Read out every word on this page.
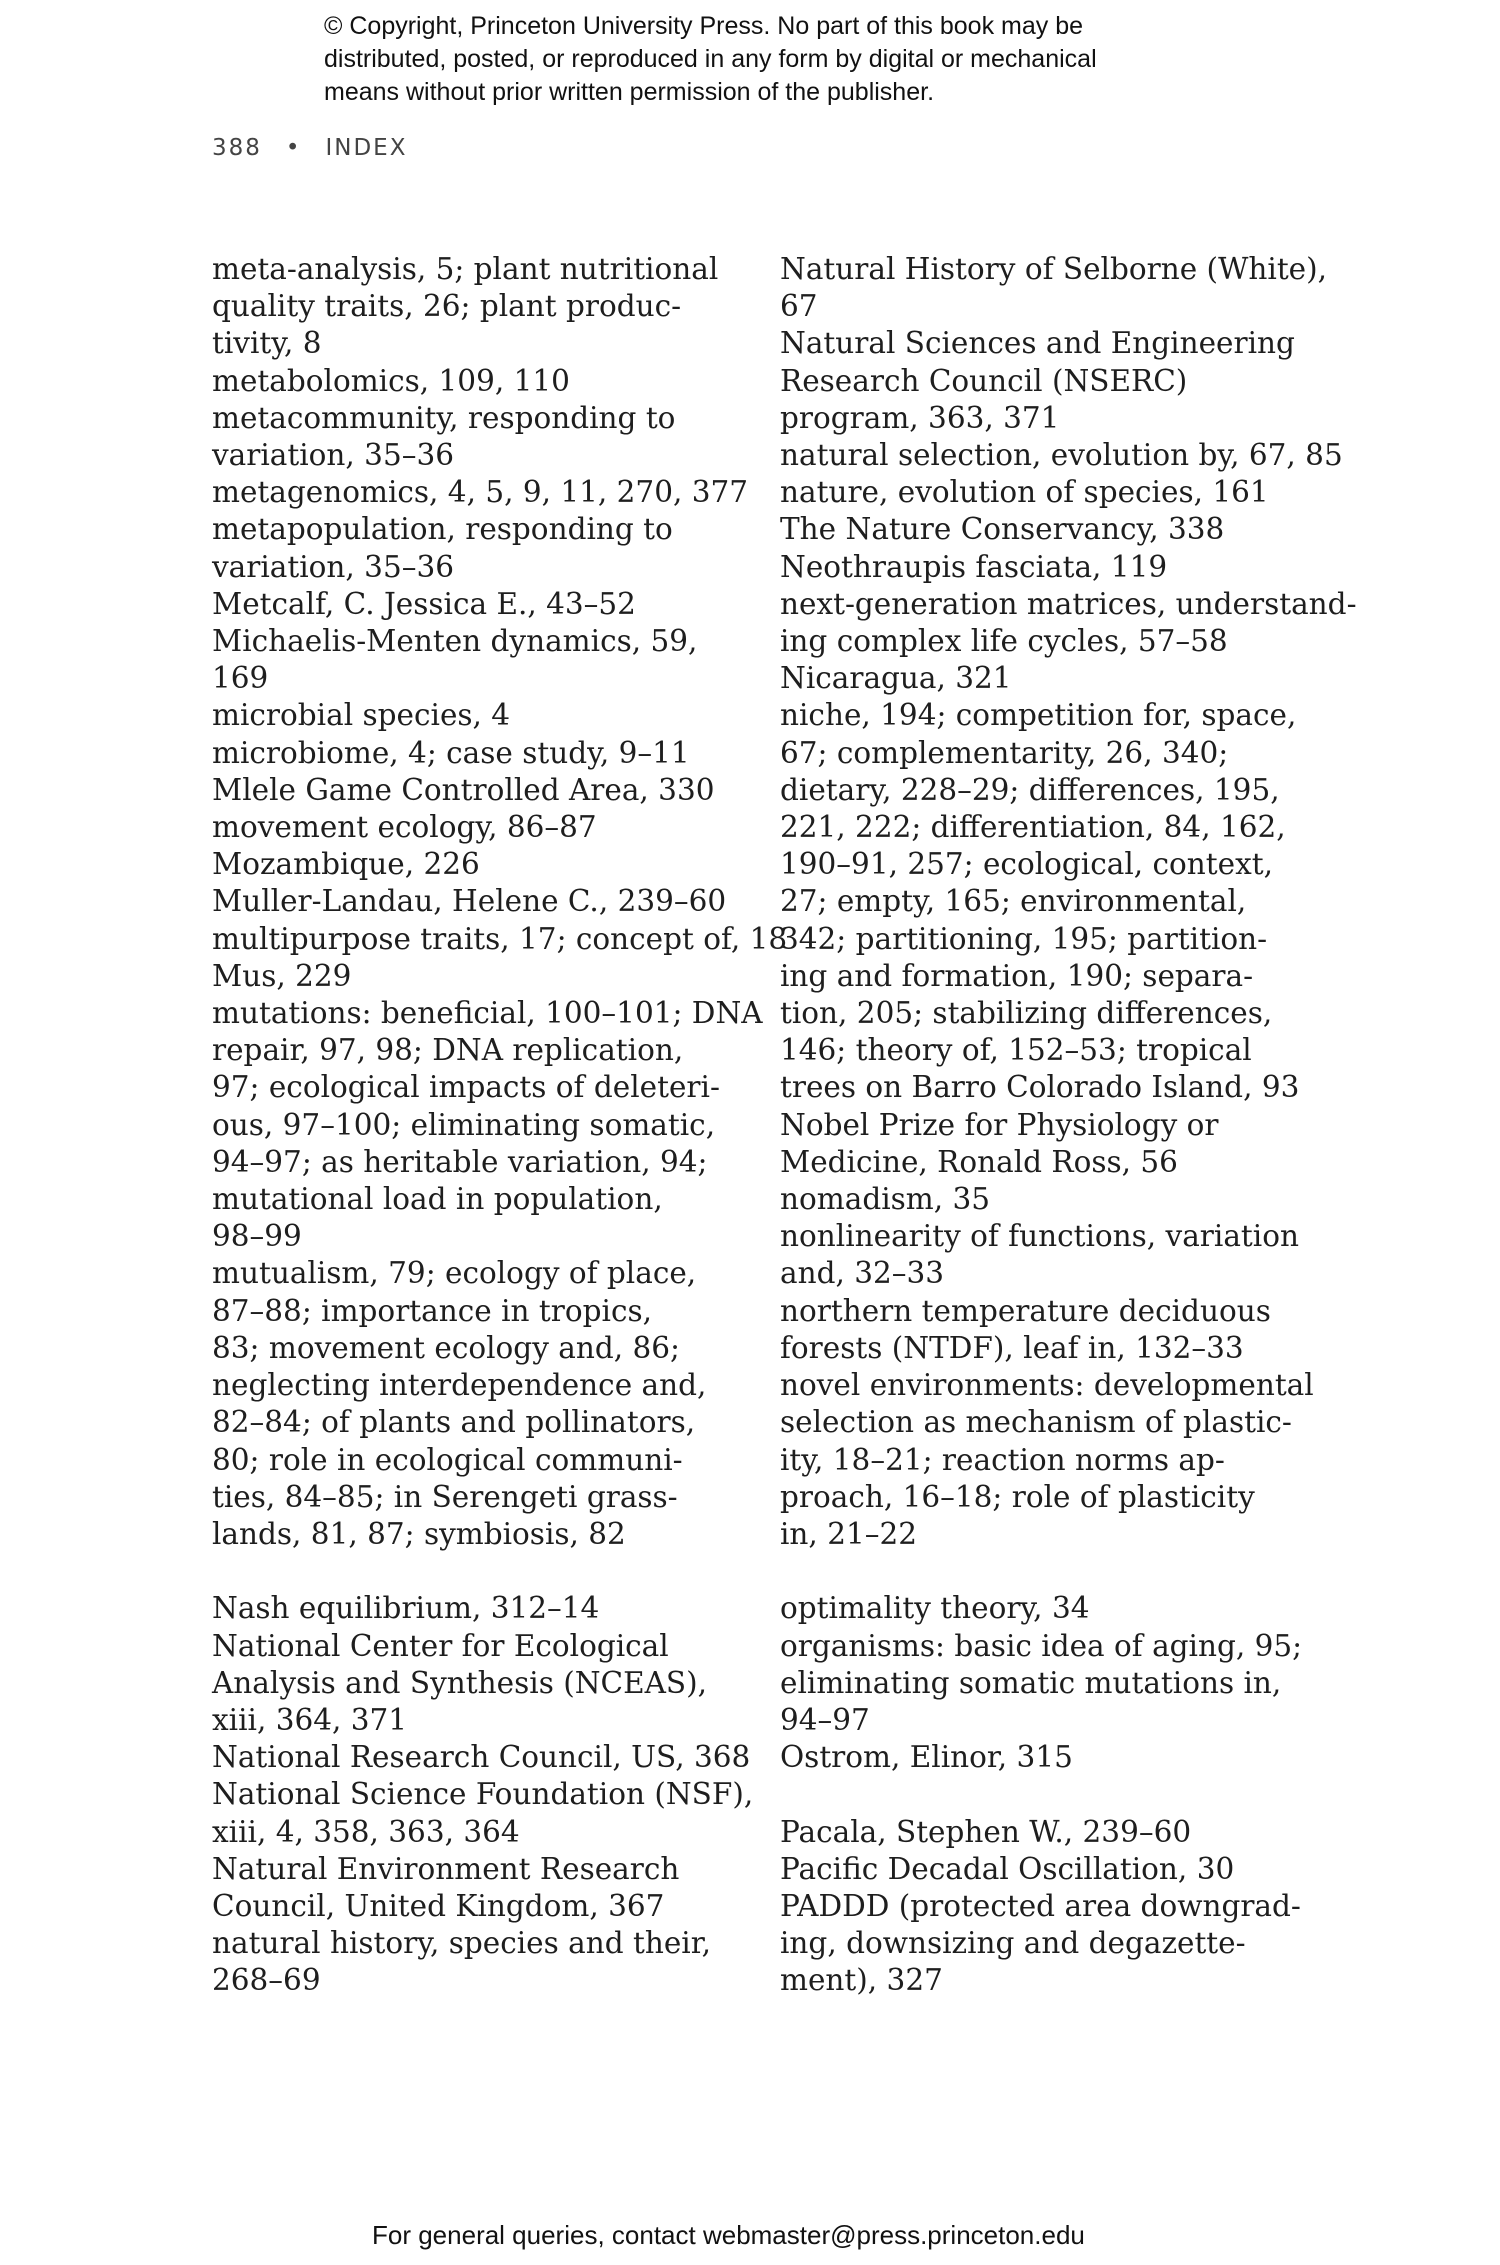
© Copyright, Princeton University Press. No part of this book may be
distributed, posted, or reproduced in any form by digital or mechanical
means without prior written permission of the publisher.
388 • INDEX
meta-analysis, 5; plant nutritional
quality traits, 26; plant produc-
tivity, 8
metabolomics, 109, 110
metacommunity, responding to
variation, 35–36
metagenomics, 4, 5, 9, 11, 270, 377
metapopulation, responding to
variation, 35–36
Metcalf, C. Jessica E., 43–52
Michaelis-Menten dynamics, 59,
169
microbial species, 4
microbiome, 4; case study, 9–11
Mlele Game Controlled Area, 330
movement ecology, 86–87
Mozambique, 226
Muller-Landau, Helene C., 239–60
multipurpose traits, 17; concept of, 18
Mus, 229
mutations: beneficial, 100–101; DNA
repair, 97, 98; DNA replication,
97; ecological impacts of deleteri-
ous, 97–100; eliminating somatic,
94–97; as heritable variation, 94;
mutational load in population,
98–99
mutualism, 79; ecology of place,
87–88; importance in tropics,
83; movement ecology and, 86;
neglecting interdependence and,
82–84; of plants and pollinators,
80; role in ecological communi-
ties, 84–85; in Serengeti grass-
lands, 81, 87; symbiosis, 82
Nash equilibrium, 312–14
National Center for Ecological
Analysis and Synthesis (NCEAS),
xiii, 364, 371
National Research Council, US, 368
National Science Foundation (NSF),
xiii, 4, 358, 363, 364
Natural Environment Research
Council, United Kingdom, 367
natural history, species and their,
268–69
Natural History of Selborne (White),
67
Natural Sciences and Engineering
Research Council (NSERC)
program, 363, 371
natural selection, evolution by, 67, 85
nature, evolution of species, 161
The Nature Conservancy, 338
Neothraupis fasciata, 119
next-generation matrices, understand-
ing complex life cycles, 57–58
Nicaragua, 321
niche, 194; competition for, space,
67; complementarity, 26, 340;
dietary, 228–29; differences, 195,
221, 222; differentiation, 84, 162,
190–91, 257; ecological, context,
27; empty, 165; environmental,
342; partitioning, 195; partition-
ing and formation, 190; separa-
tion, 205; stabilizing differences,
146; theory of, 152–53; tropical
trees on Barro Colorado Island, 93
Nobel Prize for Physiology or
Medicine, Ronald Ross, 56
nomadism, 35
nonlinearity of functions, variation
and, 32–33
northern temperature deciduous
forests (NTDF), leaf in, 132–33
novel environments: developmental
selection as mechanism of plastic-
ity, 18–21; reaction norms ap-
proach, 16–18; role of plasticity
in, 21–22
optimality theory, 34
organisms: basic idea of aging, 95;
eliminating somatic mutations in,
94–97
Ostrom, Elinor, 315
Pacala, Stephen W., 239–60
Pacific Decadal Oscillation, 30
PADDD (protected area downgrad-
ing, downsizing and degazette-
ment), 327
For general queries, contact webmaster@press.princeton.edu
